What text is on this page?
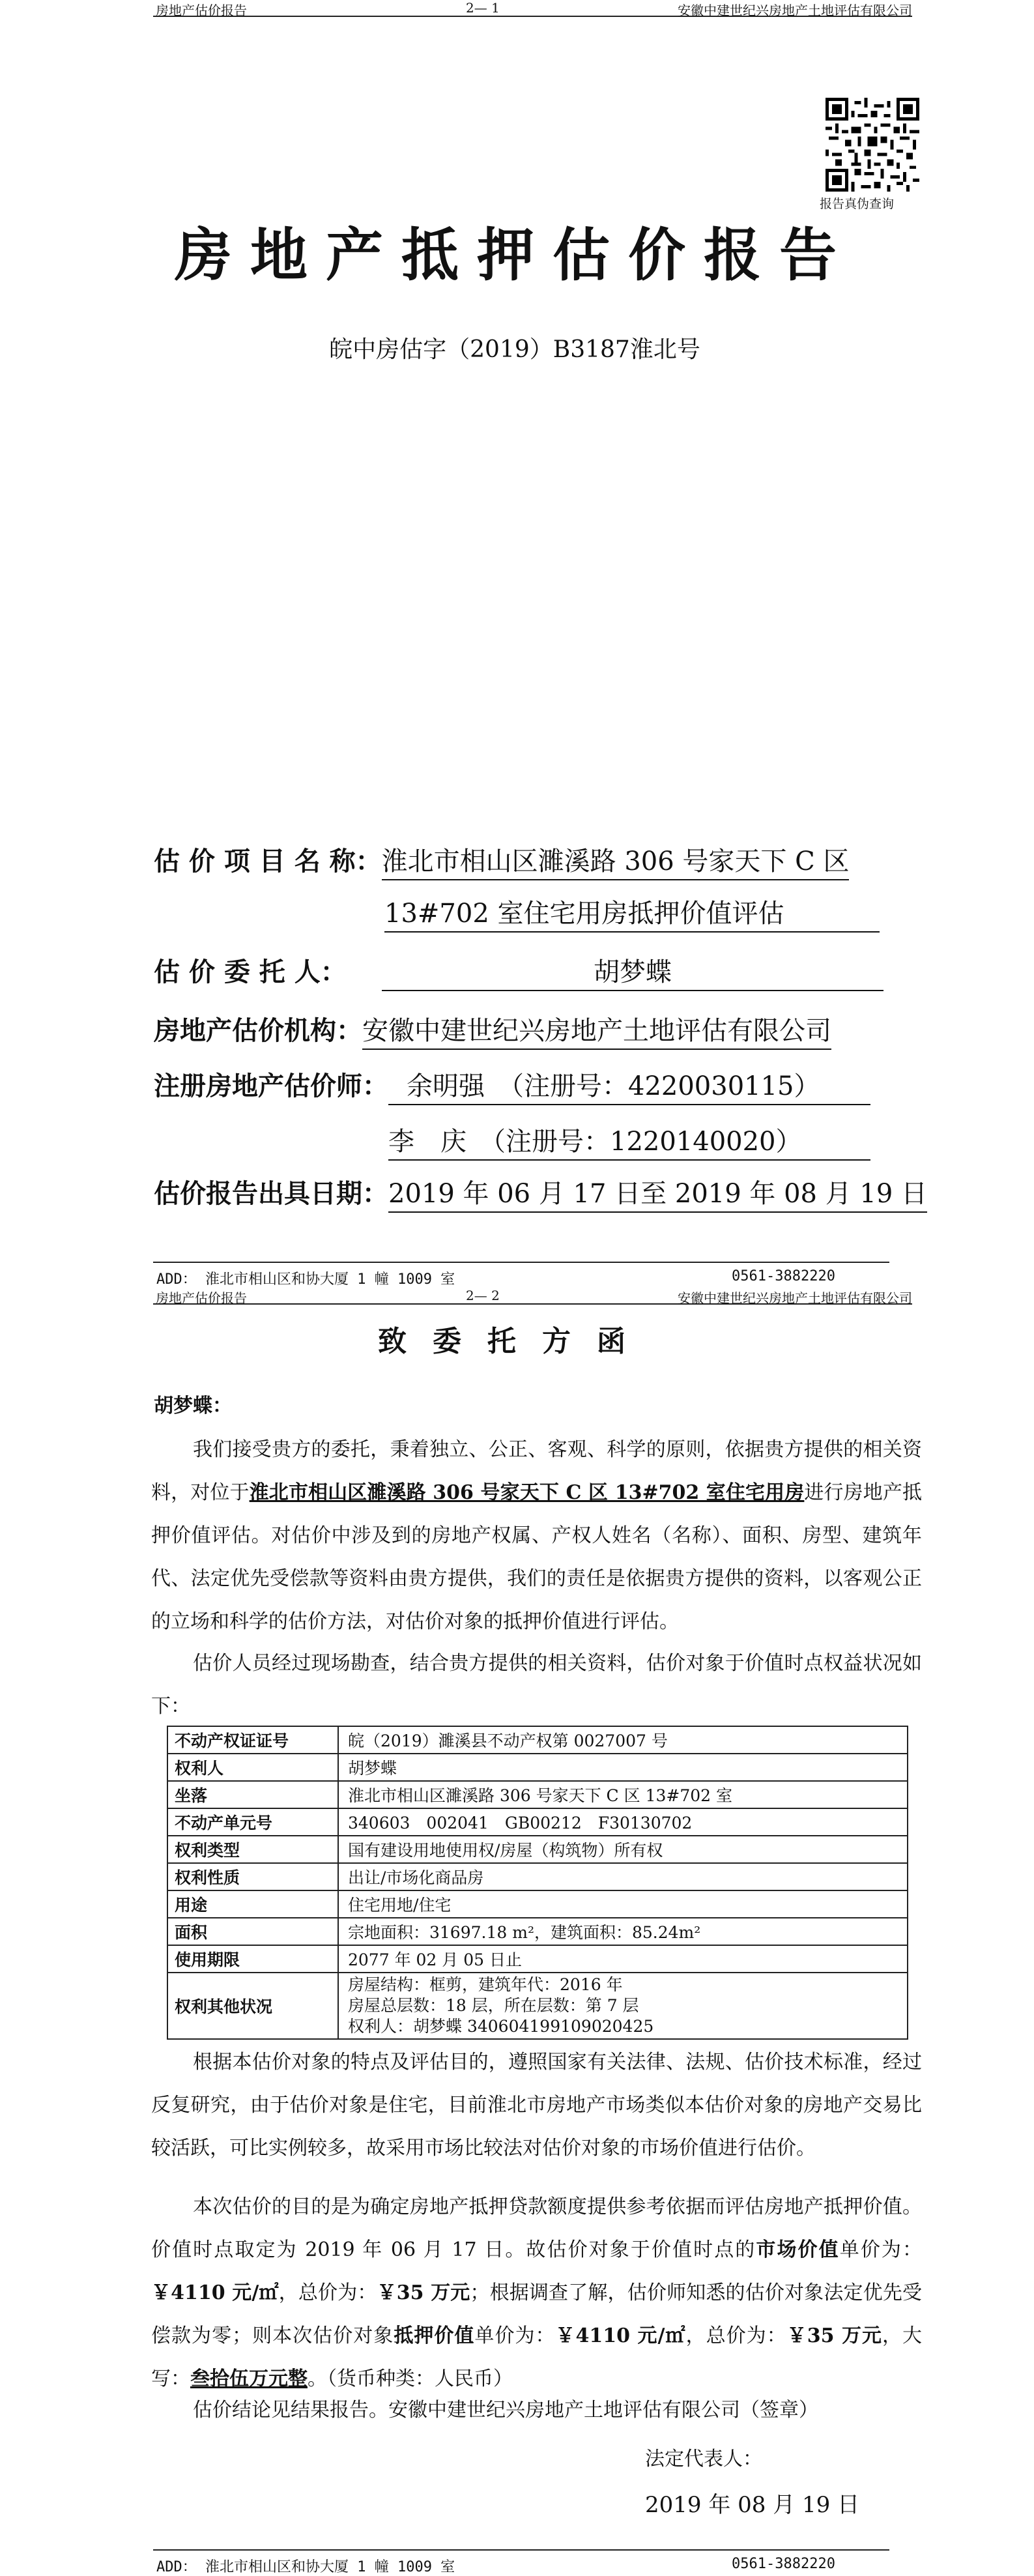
房地产估价报告	2— 1	安徽中建世纪兴房地产土地评估有限公司
报告真伪查询
房地产抵押估价报告
皖中房估字（2019）B3187淮北号
估 价 项 目 名 称：淮北市相山区濉溪路 306 号家天下 C 区
13#702 室住宅用房抵押价值评估
估 价 委 托 人：	胡梦蝶
房地产估价机构：安徽中建世纪兴房地产土地评估有限公司
注册房地产估价师： 余明强　（注册号：4220030115）
李　庆　（注册号：1220140020）
估价报告出具日期：2019 年 06 月 17 日至 2019 年 08 月 19 日
ADD： 淮北市相山区和协大厦 1 幢 1009 室	0561-3882220
房地产估价报告	2— 2	安徽中建世纪兴房地产土地评估有限公司
致委托方函
胡梦蝶：
我们接受贵方的委托，秉着独立、公正、客观、科学的原则，依据贵方提供的相关资料，对位于淮北市相山区濉溪路 306 号家天下 C 区 13#702 室住宅用房进行房地产抵押价值评估。对估价中涉及到的房地产权属、产权人姓名（名称）、面积、房型、建筑年代、法定优先受偿款等资料由贵方提供，我们的责任是依据贵方提供的资料，以客观公正的立场和科学的估价方法，对估价对象的抵押价值进行评估。
估价人员经过现场勘查，结合贵方提供的相关资料，估价对象于价值时点权益状况如下：
不动产权证证号	皖（2019）濉溪县不动产权第 0027007 号
权利人	胡梦蝶
坐落	淮北市相山区濉溪路 306 号家天下 C 区 13#702 室
不动产单元号	340603　002041　GB00212　F30130702
权利类型	国有建设用地使用权/房屋（构筑物）所有权
权利性质	出让/市场化商品房
用途	住宅用地/住宅
面积	宗地面积：31697.18 m²，建筑面积：85.24m²
使用期限	2077 年 02 月 05 日止
权利其他状况	房屋结构：框剪，建筑年代：2016 年
房屋总层数：18 层，所在层数：第 7 层
权利人：胡梦蝶 340604199109020425
根据本估价对象的特点及评估目的，遵照国家有关法律、法规、估价技术标准，经过反复研究，由于估价对象是住宅，目前淮北市房地产市场类似本估价对象的房地产交易比较活跃，可比实例较多，故采用市场比较法对估价对象的市场价值进行估价。
本次估价的目的是为确定房地产抵押贷款额度提供参考依据而评估房地产抵押价值。价值时点取定为 2019 年 06 月 17 日。故估价对象于价值时点的市场价值单价为：￥4110 元/㎡，总价为：￥35 万元；根据调查了解，估价师知悉的估价对象法定优先受偿款为零；则本次估价对象抵押价值单价为：￥4110 元/㎡，总价为：￥35 万元，大写：叁拾伍万元整。（货币种类：人民币）
估价结论见结果报告。安徽中建世纪兴房地产土地评估有限公司（签章）
法定代表人：
2019 年 08 月 19 日
ADD： 淮北市相山区和协大厦 1 幢 1009 室	0561-3882220
